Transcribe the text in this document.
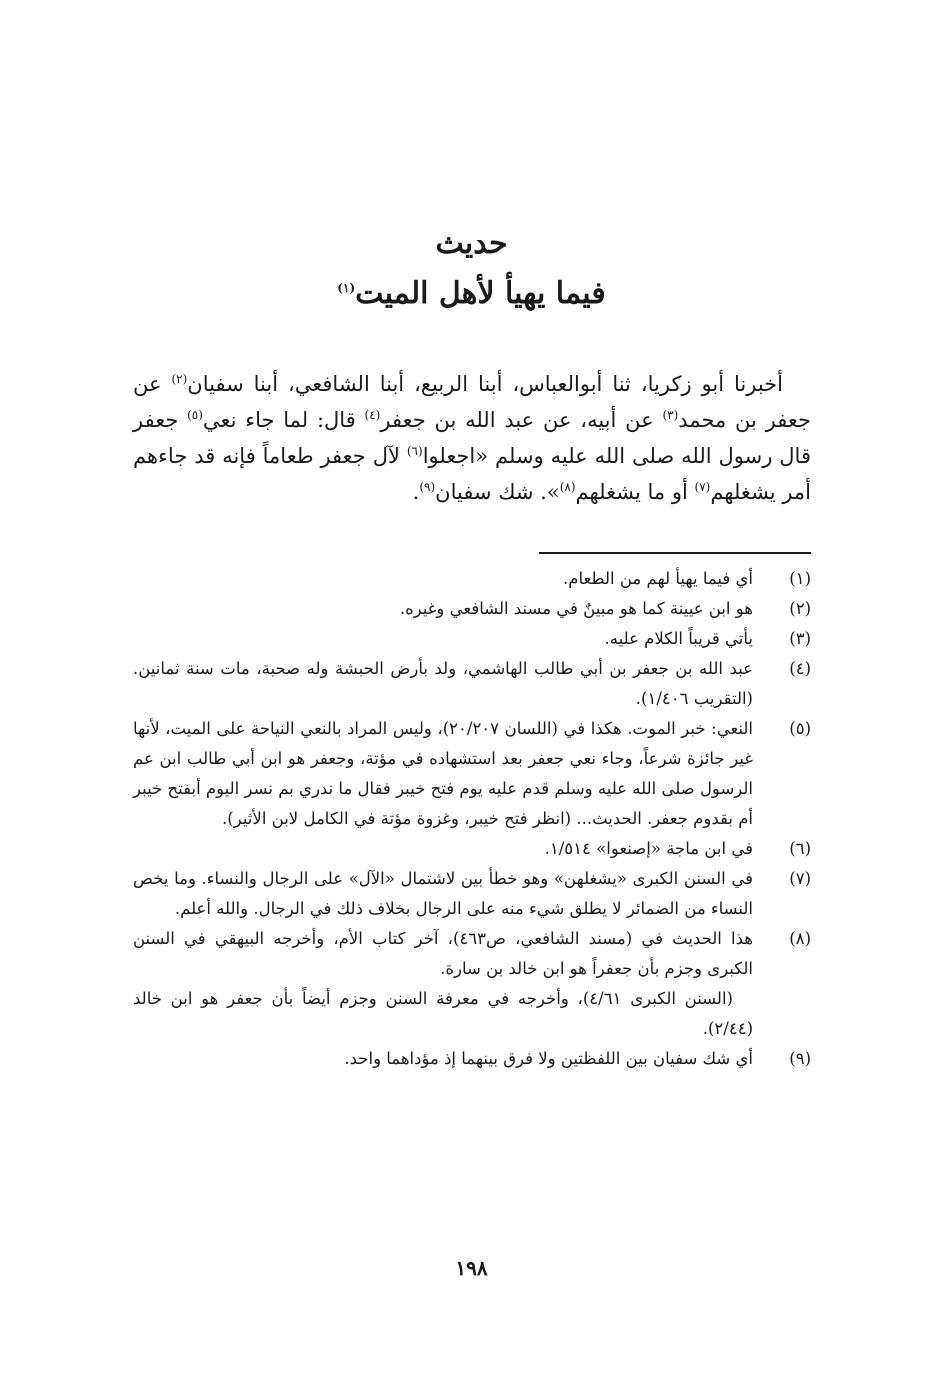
حديث
فيما يهيأ لأهل الميت$^{(١)}$

أخبرنا أبو زكريا، ثنا أبوالعباس، أبنا الربيع، أبنا الشافعي، أبنا سفيان$^{(٢)}$ عن جعفر بن محمد$^{(٣)}$ عن أبيه، عن عبد الله بن جعفر$^{(٤)}$ قال: لما جاء نعي$^{(٥)}$ جعفر قال رسول الله صلى الله عليه وسلم «اجعلوا$^{(٦)}$ لآل جعفر طعاماً فإنه قد جاءهم أمر يشغلهم$^{(٧)}$ أو ما يشغلهم$^{(٨)}$». شك سفيان$^{(٩)}$.

(١)

أي فيما يهيأ لهم من الطعام.

(٢)

هو ابن عيينة كما هو مبينٌ في مسند الشافعي وغيره.

(٣)

يأتي قريباً الكلام عليه.

(٤)

عبد الله بن جعفر بن أبي طالب الهاشمي، ولد بأرض الحبشة وله صحبة، مات سنة ثمانين. (التقريب ١/٤٠٦).

(٥)

النعي: خبر الموت. هكذا في (اللسان ٢٠/٢٠٧)، وليس المراد بالنعي النياحة على الميت، لأنها غير جائزة شرعاً، وجاء نعي جعفر بعد استشهاده في مؤتة، وجعفر هو ابن أبي طالب ابن عم الرسول صلى الله عليه وسلم قدم عليه يوم فتح خيبر فقال ما ندري بم نسر اليوم أبفتح خيبر أم بقدوم جعفر. الحديث... (انظر فتح خيبر، وغزوة مؤتة في الكامل لابن الأثير).

(٦)

في ابن ماجة «إصنعوا» ١/٥١٤.

(٧)

في السنن الكبرى «يشغلهن» وهو خطأ بين لاشتمال «الآل» على الرجال والنساء. وما يخص النساء من الضمائر لا يطلق شيء منه على الرجال بخلاف ذلك في الرجال. والله أعلم.

(٨)

هذا الحديث في (مسند الشافعي، ص٤٦٣)، آخر كتاب الأم، وأخرجه البيهقي في السنن الكبرى وجزم بأن جعفراً هو ابن خالد بن سارة.

(السنن الكبرى ٤/٦١)، وأخرجه في معرفة السنن وجزم أيضاً بأن جعفر هو ابن خالد (٢/٤٤).

(٩)

أي شك سفيان بين اللفظتين ولا فرق بينهما إذ مؤداهما واحد.

١٩٨
